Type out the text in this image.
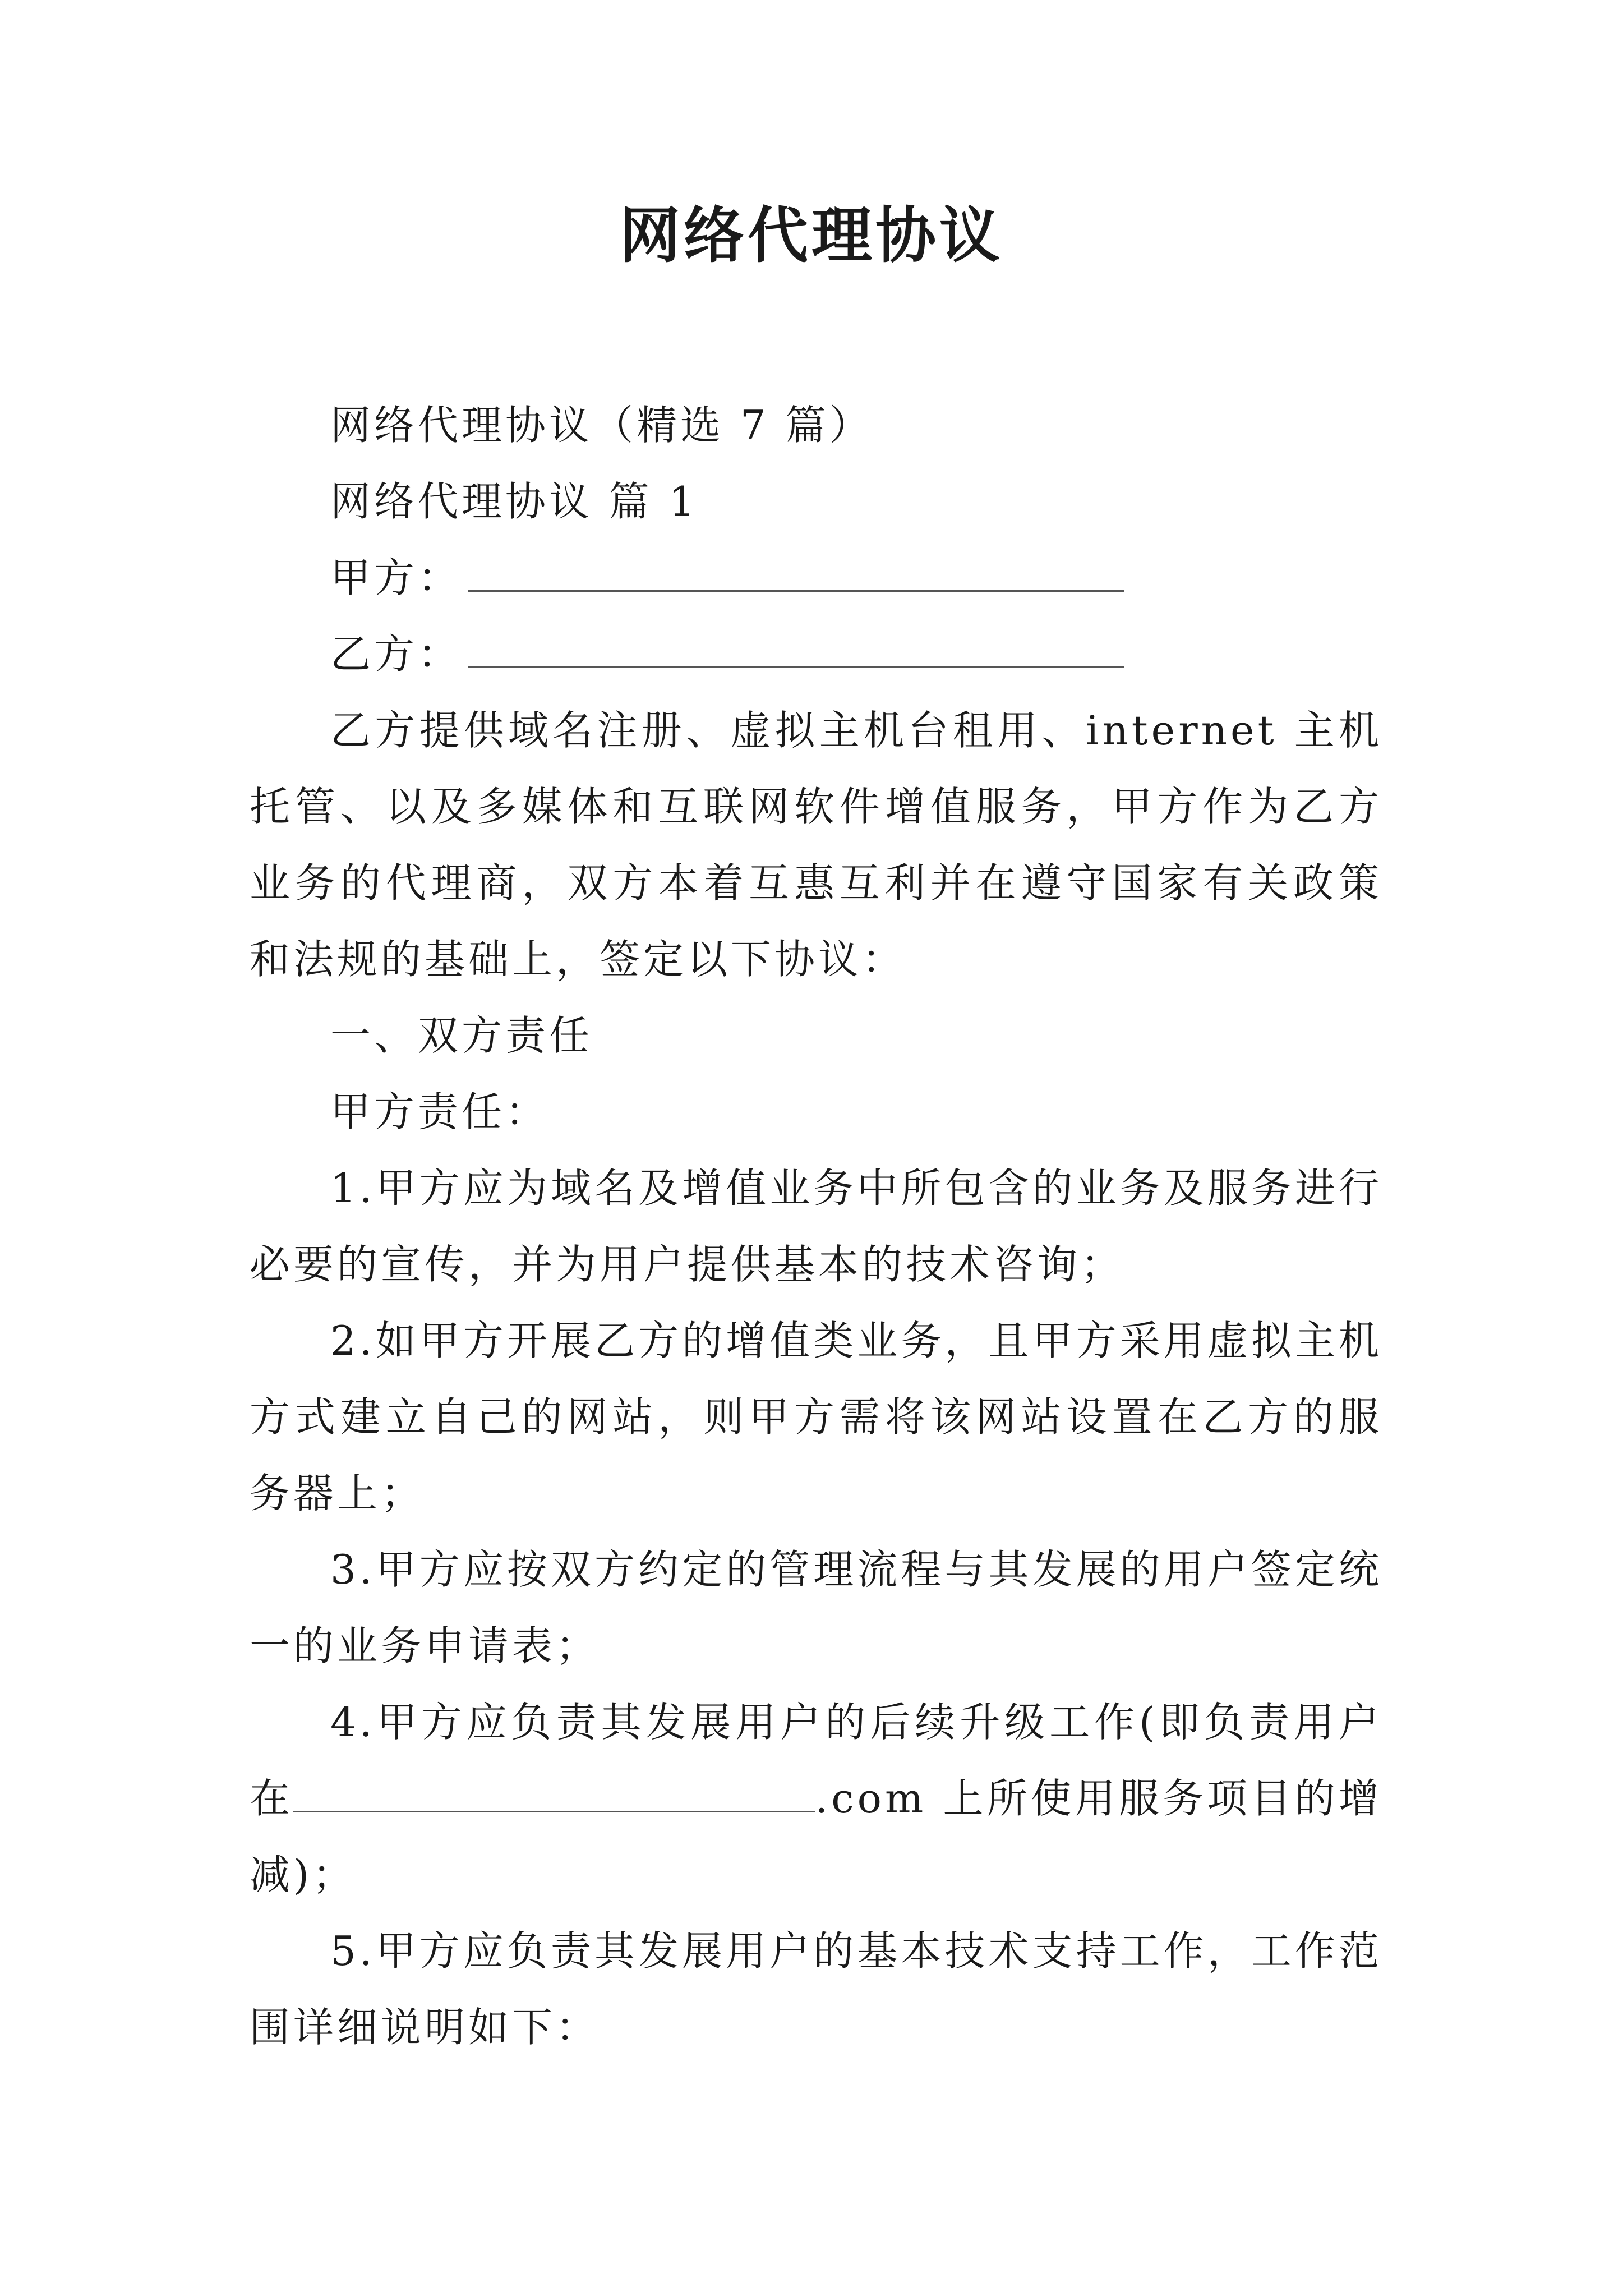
网络代理协议

网络代理协议（精选 7 篇）

网络代理协议 篇 1

甲方：

乙方：

乙方提供域名注册、虚拟主机台租用、internet 主机托管、以及多媒体和互联网软件增值服务，甲方作为乙方业务的代理商，双方本着互惠互利并在遵守国家有关政策和法规的基础上，签定以下协议：

一、双方责任

甲方责任：

1.甲方应为域名及增值业务中所包含的业务及服务进行必要的宣传，并为用户提供基本的技术咨询；

2.如甲方开展乙方的增值类业务，且甲方采用虚拟主机方式建立自己的网站，则甲方需将该网站设置在乙方的服务器上；

3.甲方应按双方约定的管理流程与其发展的用户签定统一的业务申请表；

4.甲方应负责其发展用户的后续升级工作(即负责用户在	.com 上所使用服务项目的增减)；

5.甲方应负责其发展用户的基本技术支持工作，工作范围详细说明如下：
